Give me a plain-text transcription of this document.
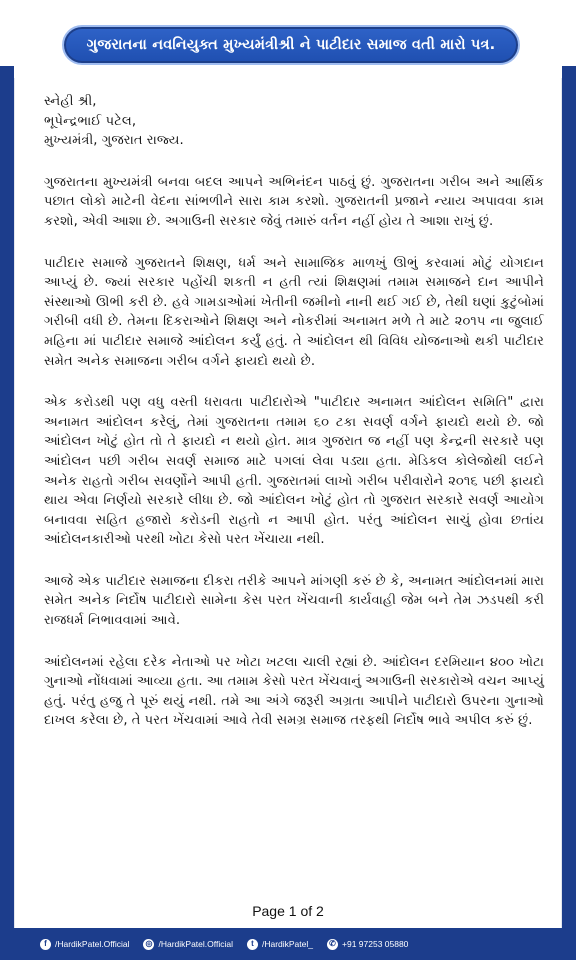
ગુજરાતના નવનિયુક્ત મુખ્યમંત્રીશ્રી ને પાટીદાર સમાજ વતી મારો પત્ર.
સ્નેહી શ્રી,
ભૂપેન્દ્રભાઈ પટેલ,
મુખ્યમંત્રી, ગુજરાત રાજ્ય.

ગુજરાતના મુખ્યમંત્રી બનવા બદલ આપને અભિનંદન પાઠવું છું. ગુજરાતના ગરીબ અને આર્થિક પછાત લોકો માટેની વેદના સાંભળીને સારા કામ કરશો. ગુજરાતની પ્રજાને ન્યાય અપાવવા કામ કરશો, એવી આશા છે. અગાઉની સરકાર જેવું તમારું વર્તન નહીં હોય તે આશા રાખું છું.

પાટીદાર સમાજે ગુજરાતને શિક્ષણ, ધર્મ અને સામાજિક માળખું ઊભું કરવામાં મોટું યોગદાન આપ્યું છે. જ્યાં સરકાર પહોંચી શકતી ન હતી ત્યાં શિક્ષણમાં તમામ સમાજને દાન આપીને સંસ્થાઓ ઊભી કરી છે. હવે ગામડાઓમાં ખેતીની જમીનો નાની થઈ ગઈ છે, તેથી ઘણાં કુટુંબોમાં ગરીબી વધી છે. તેમના દિકરાઓને શિક્ષણ અને નોકરીમાં અનામત મળે તે માટે ૨૦૧૫ ના જુલાઈ મહિના માં પાટીદાર સમાજે આંદોલન કર્યું હતું. તે આંદોલન થી વિવિધ યોજનાઓ થકી પાટીદાર સમેત અનેક સમાજના ગરીબ વર્ગને ફાયદો થયો છે.

એક કરોડથી પણ વધુ વસ્તી ધરાવતા પાટીદારોએ "પાટીદાર અનામત આંદોલન સમિતિ" દ્વારા અનામત આંદોલન કરેલું, તેમાં ગુજરાતના તમામ ૬૦ ટકા સવર્ણ વર્ગને ફાયદો થયો છે. જો આંદોલન ખોટું હોત તો તે ફાયદો ન થયો હોત. માત્ર ગુજરાત જ નહીં પણ કેન્દ્રની સરકારે પણ આંદોલન પછી ગરીબ સવર્ણ સમાજ માટે પગલાં લેવા પડ્યા હતા. મેડિકલ કોલેજોથી લઈને અનેક રાહતો ગરીબ સવર્ણોને આપી હતી. ગુજરાતમાં લાખો ગરીબ પરીવારોને ૨૦૧૬ પછી ફાયદો થાય એવા નિર્ણયો સરકારે લીધા છે. જો આંદોલન ખોટું હોત તો ગુજરાત સરકારે સવર્ણ આયોગ બનાવવા સહિત હજારો કરોડની રાહતો ન આપી હોત. પરંતુ આંદોલન સાચું હોવા છતાંય આંદોલનકારીઓ પરથી ખોટા કેસો પરત ખેંચાયા નથી.

આજે એક પાટીદાર સમાજના દીકરા તરીકે આપને માંગણી કરું છે કે, અનામત આંદોલનમાં મારા સમેત અનેક નિર્દોષ પાટીદારો સામેના કેસ પરત ખેંચવાની કાર્યવાહી જેમ બને તેમ ઝડપથી કરી રાજધર્મ નિભાવવામાં આવે.

આંદોલનમાં રહેલા દરેક નેતાઓ પર ખોટા ખટલા ચાલી રહ્યાં છે. આંદોલન દરમિયાન ૪૦૦ ખોટા ગુનાઓ નોંધવામાં આવ્યા હતા. આ તમામ કેસો પરત ખેંચવાનું અગાઉની સરકારોએ વચન આપ્યું હતું. પરંતુ હજુ તે પૂરું થયું નથી. તમે આ અંગે જરૂરી અગ્રતા આપીને પાટીદારો ઉપરના ગુનાઓ દાખલ કરેલા છે, તે પરત ખેંચવામાં આવે તેવી સમગ્ર સમાજ તરફથી નિર્દોષ ભાવે અપીલ કરું છું.

Page 1 of 2
f /HardikPatel.Official ◎ /HardikPatel.Official	t /HardikPatel_ ✆ +91 97253 05880
